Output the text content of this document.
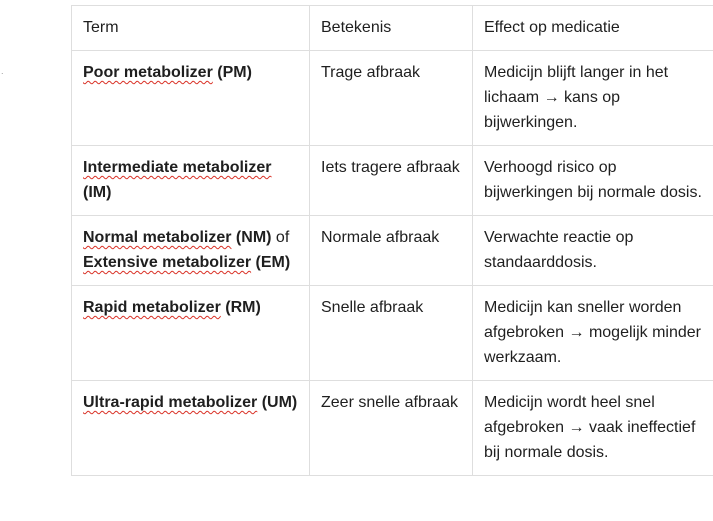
.
Term	Betekenis	Effect op medicatie
Poor metabolizer (PM)	Trage afbraak	Medicijn blijft langer in het lichaam → kans op bijwerkingen.
Intermediate metabolizer (IM)	Iets tragere afbraak	Verhoogd risico op bijwerkingen bij normale dosis.
Normal metabolizer (NM) of Extensive metabolizer (EM)	Normale afbraak	Verwachte reactie op standaarddosis.
Rapid metabolizer (RM)	Snelle afbraak	Medicijn kan sneller worden afgebroken → mogelijk minder werkzaam.
Ultra-rapid metabolizer (UM)	Zeer snelle afbraak	Medicijn wordt heel snel afgebroken → vaak ineffectief bij normale dosis.
